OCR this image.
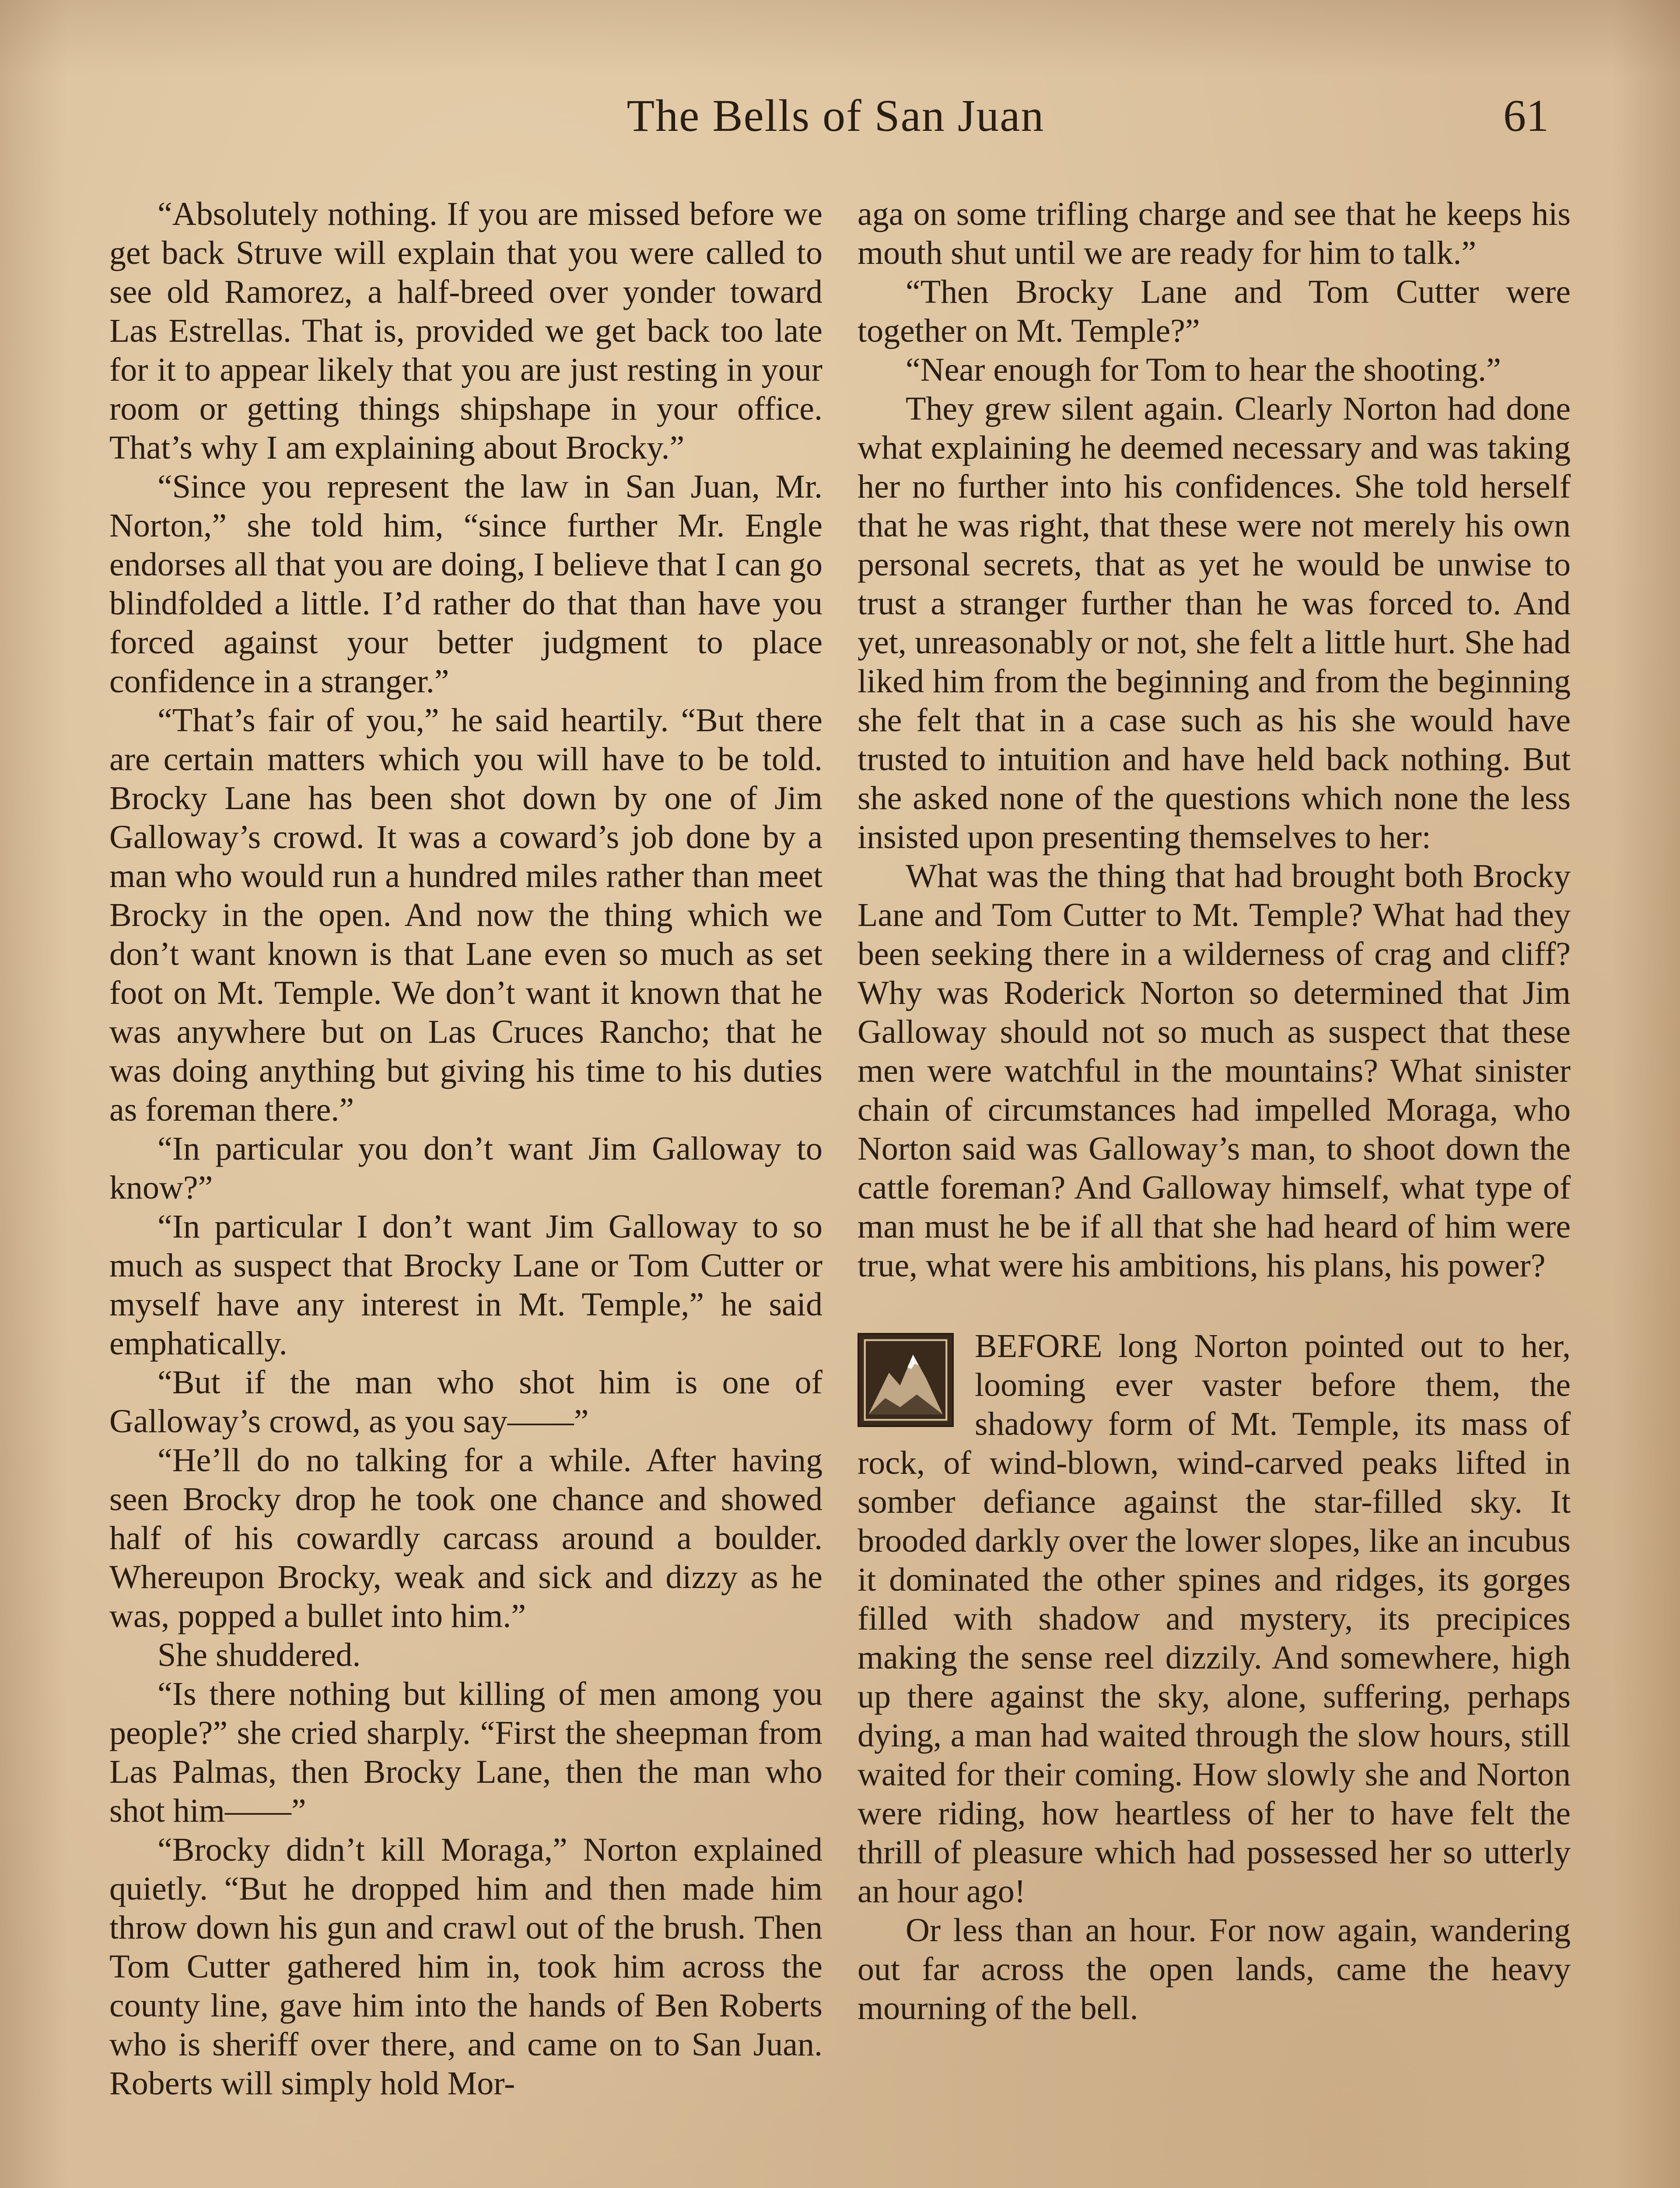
The Bells of San Juan	61

“Absolutely nothing. If you are missed before we get back Struve will explain that you were called to see old Ramorez, a half-breed over yonder toward Las Estrellas. That is, provided we get back too late for it to appear likely that you are just resting in your room or getting things shipshape in your office. That’s why I am explaining about Brocky.”

“Since you represent the law in San Juan, Mr. Norton,” she told him, “since further Mr. Engle endorses all that you are doing, I believe that I can go blindfolded a little. I’d rather do that than have you forced against your better judgment to place confidence in a stranger.”

“That’s fair of you,” he said heartily. “But there are certain matters which you will have to be told. Brocky Lane has been shot down by one of Jim Galloway’s crowd. It was a coward’s job done by a man who would run a hundred miles rather than meet Brocky in the open. And now the thing which we don’t want known is that Lane even so much as set foot on Mt. Temple. We don’t want it known that he was anywhere but on Las Cruces Rancho; that he was doing anything but giving his time to his duties as foreman there.”

“In particular you don’t want Jim Galloway to know?”

“In particular I don’t want Jim Galloway to so much as suspect that Brocky Lane or Tom Cutter or myself have any interest in Mt. Temple,” he said emphatically.

“But if the man who shot him is one of Galloway’s crowd, as you say——”

“He’ll do no talking for a while. After having seen Brocky drop he took one chance and showed half of his cowardly carcass around a boulder. Whereupon Brocky, weak and sick and dizzy as he was, popped a bullet into him.”

She shuddered.

“Is there nothing but killing of men among you people?” she cried sharply. “First the sheepman from Las Palmas, then Brocky Lane, then the man who shot him——”

“Brocky didn’t kill Moraga,” Norton explained quietly. “But he dropped him and then made him throw down his gun and crawl out of the brush. Then Tom Cutter gathered him in, took him across the county line, gave him into the hands of Ben Roberts who is sheriff over there, and came on to San Juan. Roberts will simply hold Mor-

aga on some trifling charge and see that he keeps his mouth shut until we are ready for him to talk.”

“Then Brocky Lane and Tom Cutter were together on Mt. Temple?”

“Near enough for Tom to hear the shooting.”

They grew silent again. Clearly Norton had done what explaining he deemed necessary and was taking her no further into his confidences. She told herself that he was right, that these were not merely his own personal secrets, that as yet he would be unwise to trust a stranger further than he was forced to. And yet, unreasonably or not, she felt a little hurt. She had liked him from the beginning and from the beginning she felt that in a case such as his she would have trusted to intuition and have held back nothing. But she asked none of the questions which none the less insisted upon presenting themselves to her:

What was the thing that had brought both Brocky Lane and Tom Cutter to Mt. Temple? What had they been seeking there in a wilderness of crag and cliff? Why was Roderick Norton so determined that Jim Galloway should not so much as suspect that these men were watchful in the mountains? What sinister chain of circumstances had impelled Moraga, who Norton said was Galloway’s man, to shoot down the cattle foreman? And Galloway himself, what type of man must he be if all that she had heard of him were true, what were his ambitions, his plans, his power?

BEFORE long Norton pointed out to her, looming ever vaster before them, the shadowy form of Mt. Temple, its mass of rock, of wind-blown, wind-carved peaks lifted in somber defiance against the star-filled sky. It brooded darkly over the lower slopes, like an incubus it dominated the other spines and ridges, its gorges filled with shadow and mystery, its precipices making the sense reel dizzily. And somewhere, high up there against the sky, alone, suffering, perhaps dying, a man had waited through the slow hours, still waited for their coming. How slowly she and Norton were riding, how heartless of her to have felt the thrill of pleasure which had possessed her so utterly an hour ago!

Or less than an hour. For now again, wandering out far across the open lands, came the heavy mourning of the bell.
